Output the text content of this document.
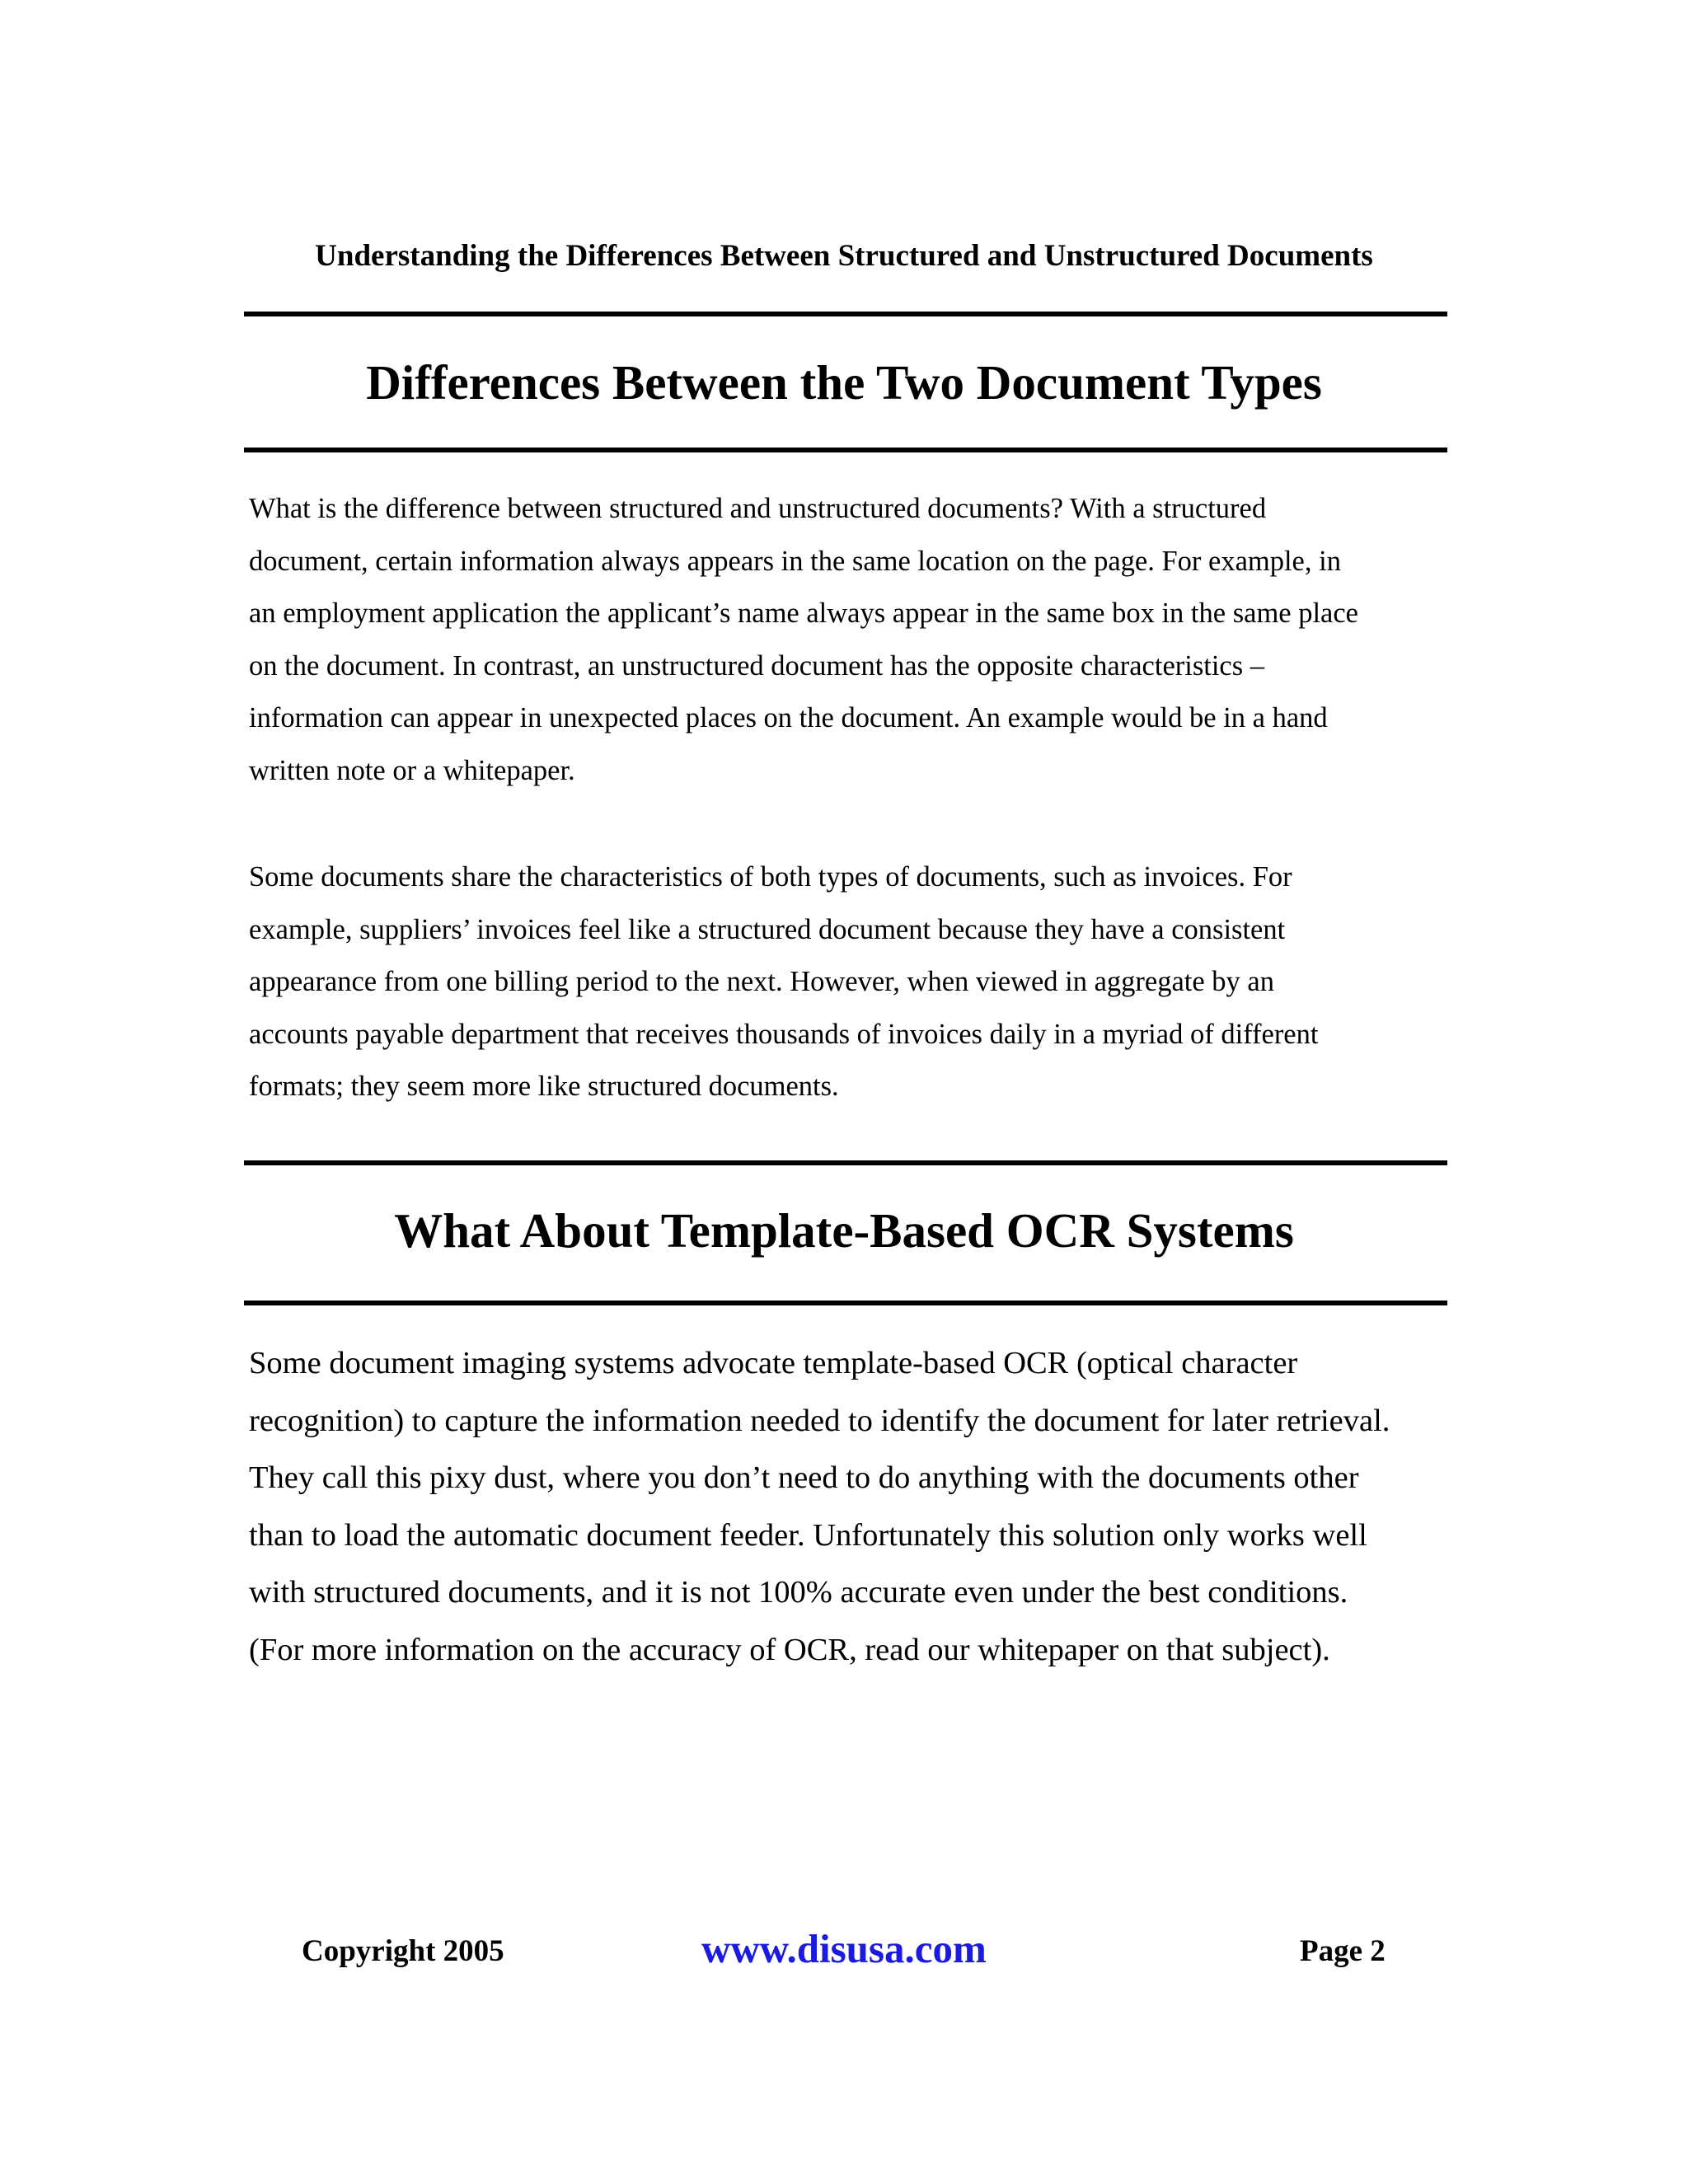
Understanding the Differences Between Structured and Unstructured Documents
Differences Between the Two Document Types

What is the difference between structured and unstructured documents? With a structured
document, certain information always appears in the same location on the page. For example, in
an employment application the applicant’s name always appear in the same box in the same place
on the document. In contrast, an unstructured document has the opposite characteristics –
information can appear in unexpected places on the document. An example would be in a hand
written note or a whitepaper.

Some documents share the characteristics of both types of documents, such as invoices. For
example, suppliers’ invoices feel like a structured document because they have a consistent
appearance from one billing period to the next. However, when viewed in aggregate by an
accounts payable department that receives thousands of invoices daily in a myriad of different
formats; they seem more like structured documents.

What About Template-Based OCR Systems

Some document imaging systems advocate template-based OCR (optical character
recognition) to capture the information needed to identify the document for later retrieval.
They call this pixy dust, where you don’t need to do anything with the documents other
than to load the automatic document feeder. Unfortunately this solution only works well
with structured documents, and it is not 100% accurate even under the best conditions.
(For more information on the accuracy of OCR, read our whitepaper on that subject).

Copyright 2005	www.disusa.com	Page 2
